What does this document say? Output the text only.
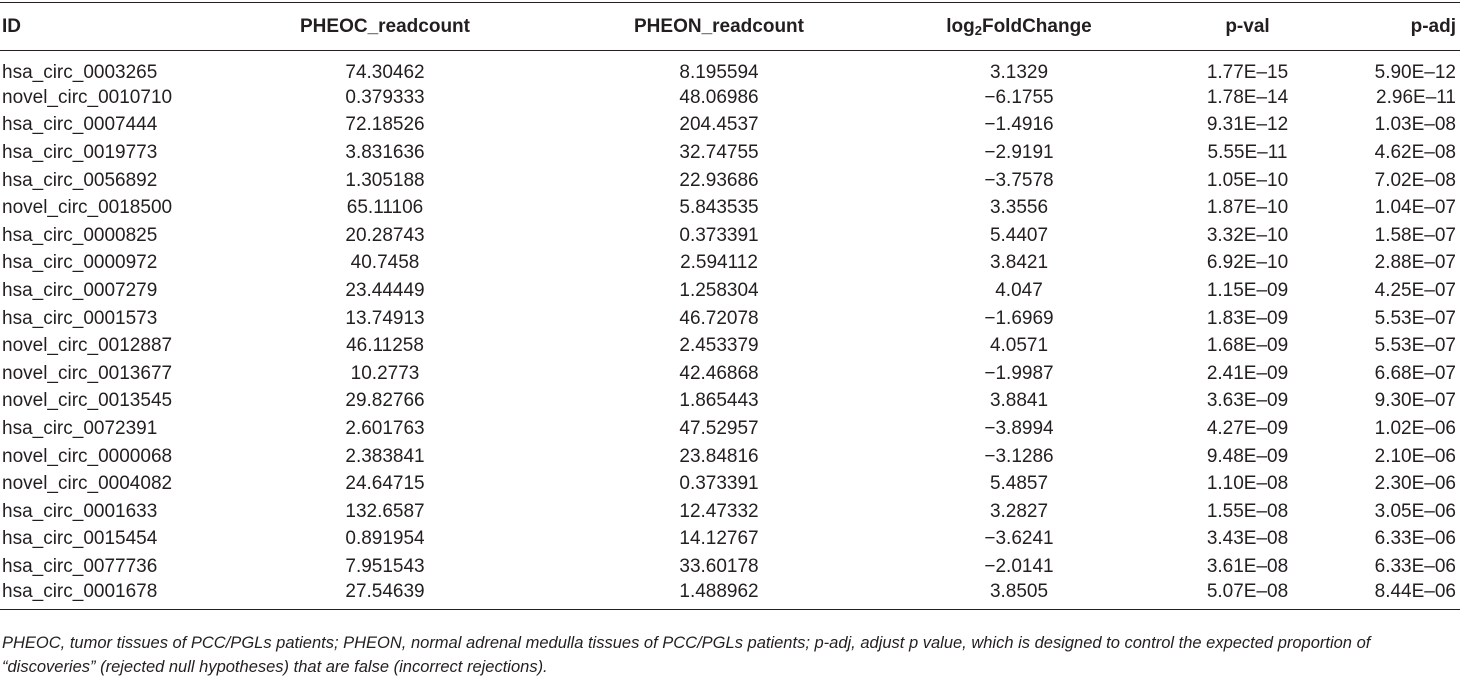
ID	PHEOC_readcount	PHEON_readcount	$\log_2FoldChange$	p-val	p-adj
hsa_circ_0003265	74.30462	8.195594	3.1329	1.77E–15	5.90E–12
novel_circ_0010710	0.379333	48.06986	−6.1755	1.78E–14	2.96E–11
hsa_circ_0007444	72.18526	204.4537	−1.4916	9.31E–12	1.03E–08
hsa_circ_0019773	3.831636	32.74755	−2.9191	5.55E–11	4.62E–08
hsa_circ_0056892	1.305188	22.93686	−3.7578	1.05E–10	7.02E–08
novel_circ_0018500	65.11106	5.843535	3.3556	1.87E–10	1.04E–07
hsa_circ_0000825	20.28743	0.373391	5.4407	3.32E–10	1.58E–07
hsa_circ_0000972	40.7458	2.594112	3.8421	6.92E–10	2.88E–07
hsa_circ_0007279	23.44449	1.258304	4.047	1.15E–09	4.25E–07
hsa_circ_0001573	13.74913	46.72078	−1.6969	1.83E–09	5.53E–07
novel_circ_0012887	46.11258	2.453379	4.0571	1.68E–09	5.53E–07
novel_circ_0013677	10.2773	42.46868	−1.9987	2.41E–09	6.68E–07
novel_circ_0013545	29.82766	1.865443	3.8841	3.63E–09	9.30E–07
hsa_circ_0072391	2.601763	47.52957	−3.8994	4.27E–09	1.02E–06
novel_circ_0000068	2.383841	23.84816	−3.1286	9.48E–09	2.10E–06
novel_circ_0004082	24.64715	0.373391	5.4857	1.10E–08	2.30E–06
hsa_circ_0001633	132.6587	12.47332	3.2827	1.55E–08	3.05E–06
hsa_circ_0015454	0.891954	14.12767	−3.6241	3.43E–08	6.33E–06
hsa_circ_0077736	7.951543	33.60178	−2.0141	3.61E–08	6.33E–06
hsa_circ_0001678	27.54639	1.488962	3.8505	5.07E–08	8.44E–06
PHEOC, tumor tissues of PCC/PGLs patients; PHEON, normal adrenal medulla tissues of PCC/PGLs patients; p-adj, adjust p value, which is designed to control the expected proportion of “discoveries” (rejected null hypotheses) that are false (incorrect rejections).
